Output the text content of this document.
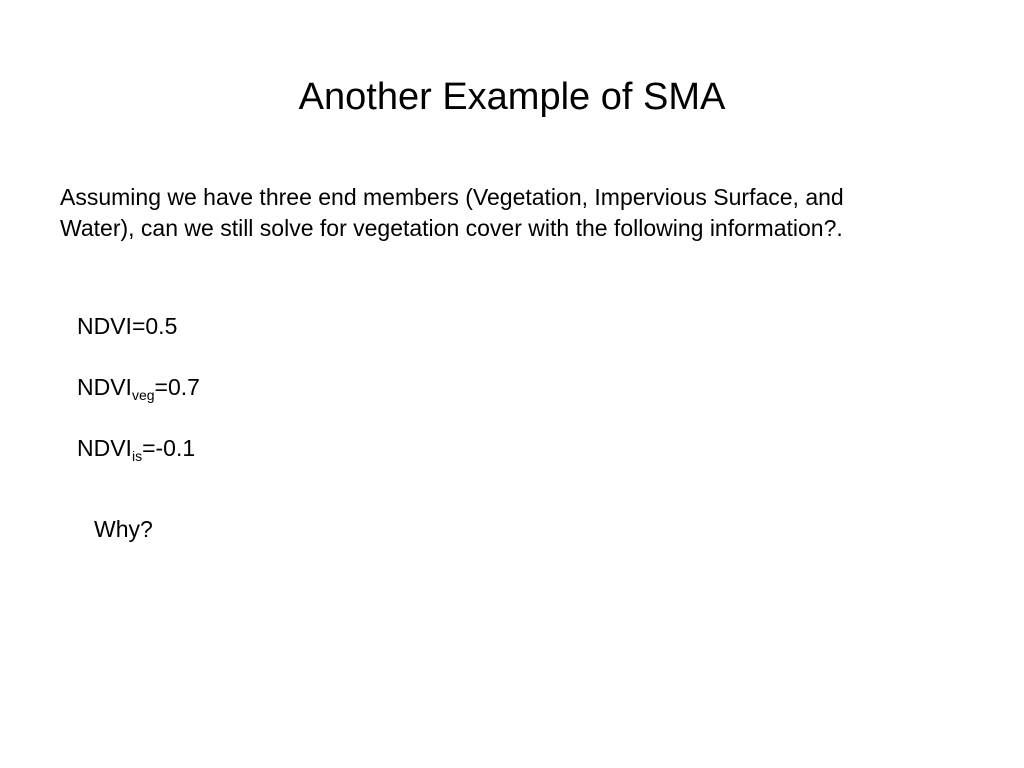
Another Example of SMA

Assuming we have three end members (Vegetation, Impervious Surface, and Water), can we still solve for vegetation cover with the following information?.

NDVI=0.5

$NDVI_{veg}=0.7$

$NDVI_{is}=-0.1$

Why?
